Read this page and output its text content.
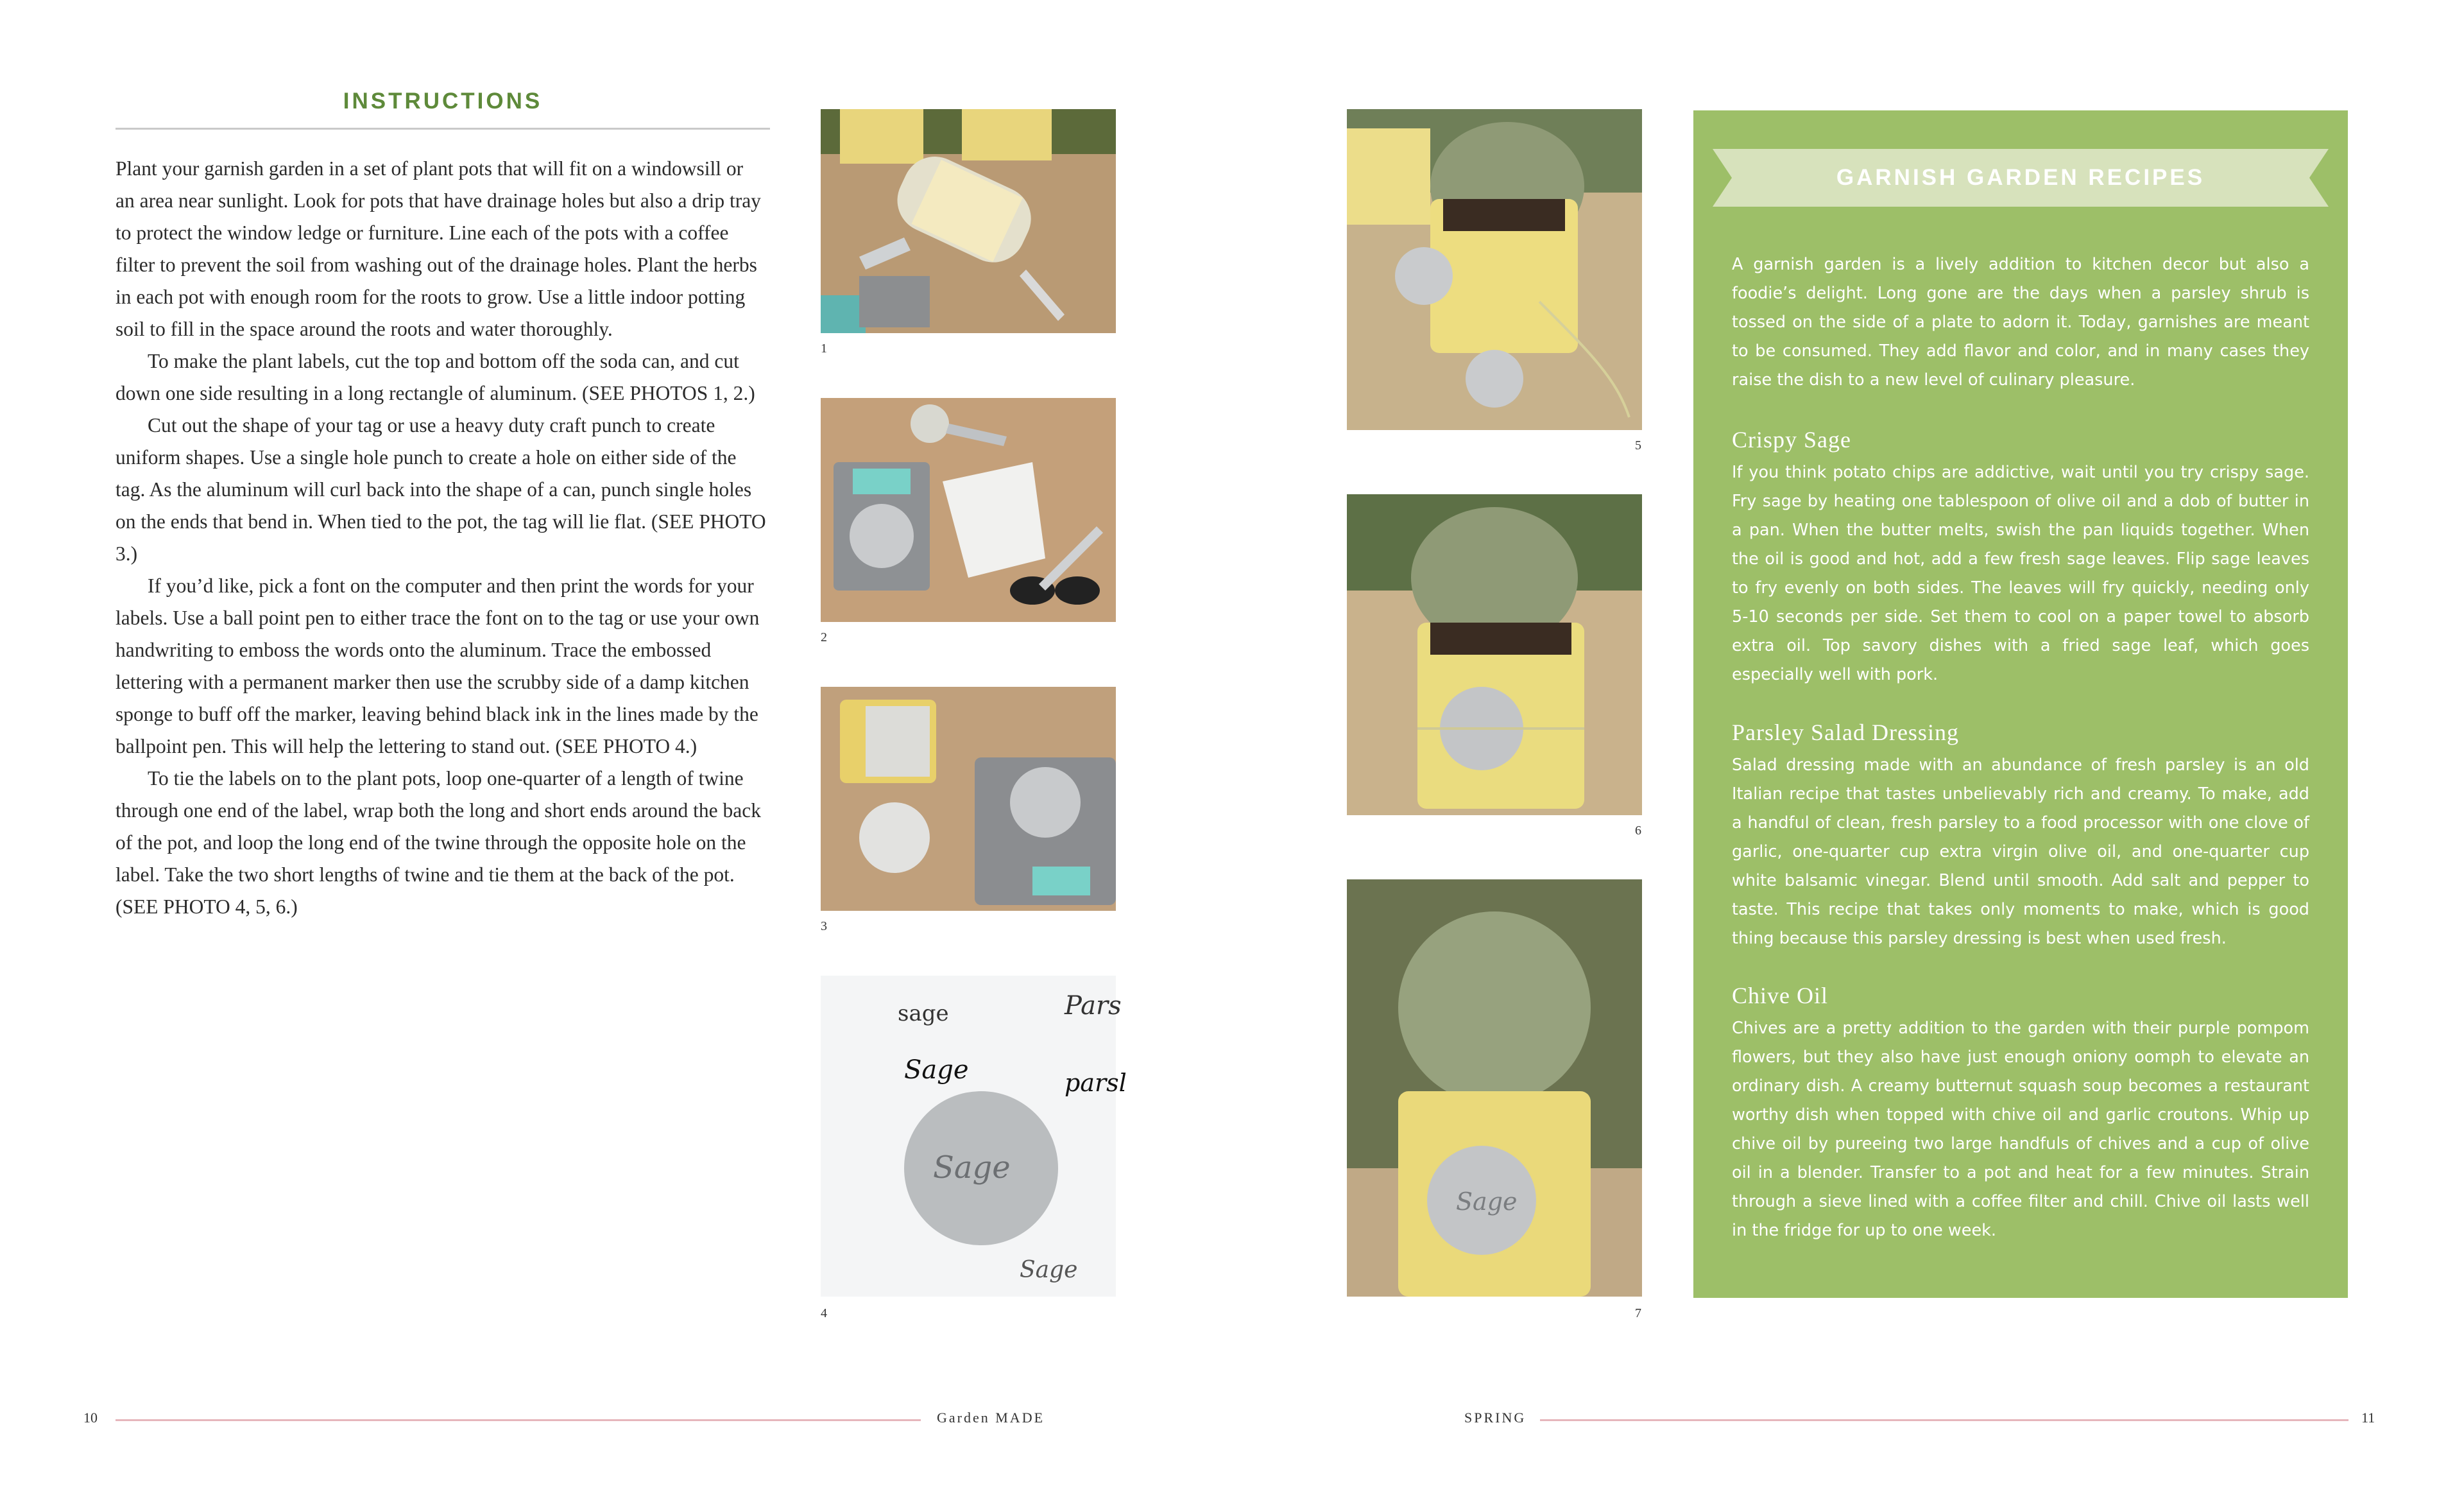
INSTRUCTIONS

Plant your garnish garden in a set of plant pots that will fit on a windowsill or an area near sunlight. Look for pots that have drainage holes but also a drip tray to protect the window ledge or furniture. Line each of the pots with a coffee filter to prevent the soil from washing out of the drainage holes. Plant the herbs in each pot with enough room for the roots to grow. Use a little indoor potting soil to fill in the space around the roots and water thoroughly.

To make the plant labels, cut the top and bottom off the soda can, and cut down one side resulting in a long rectangle of aluminum. (SEE PHOTOS 1, 2.)

Cut out the shape of your tag or use a heavy duty craft punch to create uniform shapes. Use a single hole punch to create a hole on either side of the tag. As the aluminum will curl back into the shape of a can, punch single holes on the ends that bend in. When tied to the pot, the tag will lie flat. (SEE PHOTO 3.)

If you’d like, pick a font on the computer and then print the words for your labels. Use a ball point pen to either trace the font on to the tag or use your own handwriting to emboss the words onto the aluminum. Trace the embossed lettering with a permanent marker then use the scrubby side of a damp kitchen sponge to buff off the marker, leaving behind black ink in the lines made by the ballpoint pen. This will help the lettering to stand out. (SEE PHOTO 4.)

To tie the labels on to the plant pots, loop one-quarter of a length of twine through one end of the label, wrap both the long and short ends around the back of the pot, and loop the long end of the twine through the opposite hole on the label. Take the two short lengths of twine and tie them at the back of the pot. (SEE PHOTO 4, 5, 6.)

1
2
3
sage	Pars
Sage	parsl
Sage
Sage
4
5
6
Sage
7
GARNISH GARDEN RECIPES
A garnish garden is a lively addition to kitchen decor but also a foodie’s delight. Long gone are the days when a parsley shrub is tossed on the side of a plate to adorn it. Today, garnishes are meant to be consumed. They add flavor and color, and in many cases they raise the dish to a new level of culinary pleasure.
Crispy Sage
If you think potato chips are addictive, wait until you try crispy sage. Fry sage by heating one tablespoon of olive oil and a dob of butter in a pan. When the butter melts, swish the pan liquids together. When the oil is good and hot, add a few fresh sage leaves. Flip sage leaves to fry evenly on both sides. The leaves will fry quickly, needing only 5-10 seconds per side. Set them to cool on a paper towel to absorb extra oil. Top savory dishes with a fried sage leaf, which goes especially well with pork.
Parsley Salad Dressing
Salad dressing made with an abundance of fresh parsley is an old Italian recipe that tastes unbelievably rich and creamy. To make, add a handful of clean, fresh parsley to a food processor with one clove of garlic, one-quarter cup extra virgin olive oil, and one-quarter cup white balsamic vinegar. Blend until smooth. Add salt and pepper to taste. This recipe that takes only moments to make, which is good thing because this parsley dressing is best when used fresh.
Chive Oil
Chives are a pretty addition to the garden with their purple pompom flowers, but they also have just enough oniony oomph to elevate an ordinary dish. A creamy butternut squash soup becomes a restaurant worthy dish when topped with chive oil and garlic croutons. Whip up chive oil by pureeing two large handfuls of chives and a cup of olive oil in a blender. Transfer to a pot and heat for a few minutes. Strain through a sieve lined with a coffee filter and chill. Chive oil lasts well in the fridge for up to one week.
10	Garden MADE	SPRING	11
